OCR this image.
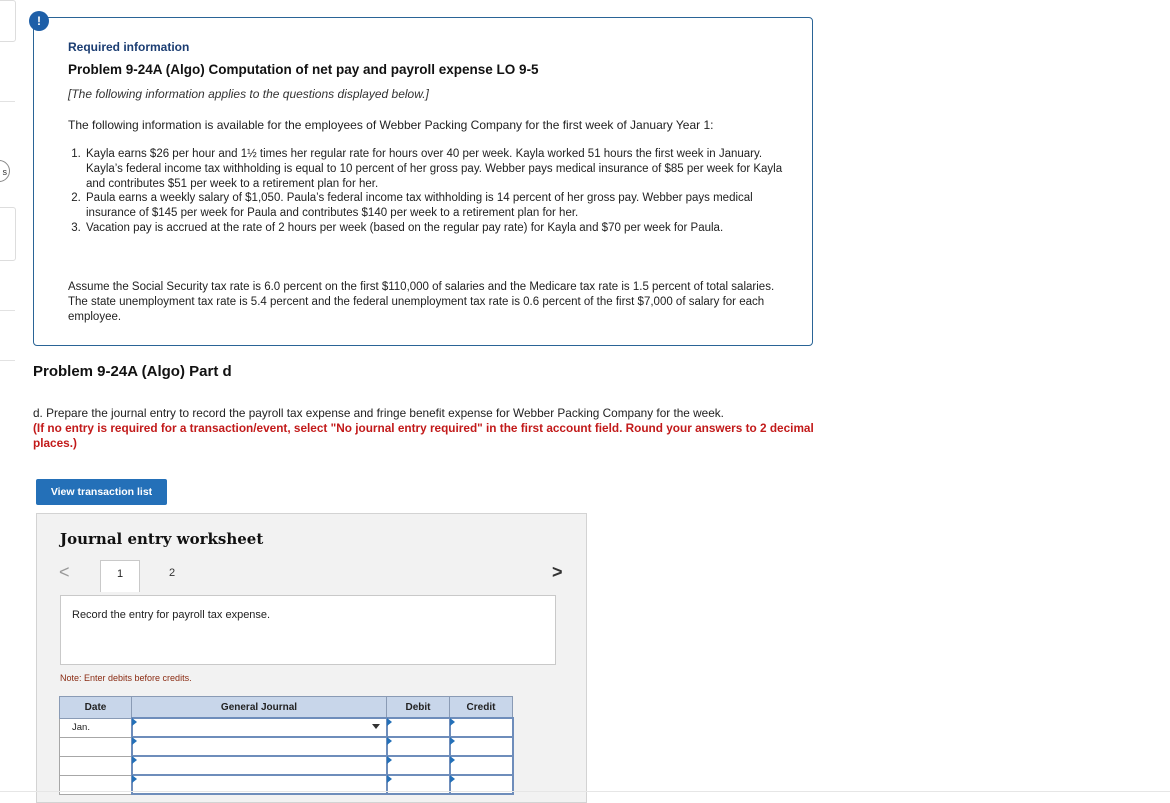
s
!
Required information
Problem 9-24A (Algo) Computation of net pay and payroll expense LO 9-5
[The following information applies to the questions displayed below.]
The following information is available for the employees of Webber Packing Company for the first week of January Year 1:
1. Kayla earns $26 per hour and 1½ times her regular rate for hours over 40 per week. Kayla worked 51 hours the first week in January. Kayla’s federal income tax withholding is equal to 10 percent of her gross pay. Webber pays medical insurance of $85 per week for Kayla and contributes $51 per week to a retirement plan for her.
2. Paula earns a weekly salary of $1,050. Paula’s federal income tax withholding is 14 percent of her gross pay. Webber pays medical insurance of $145 per week for Paula and contributes $140 per week to a retirement plan for her.
3. Vacation pay is accrued at the rate of 2 hours per week (based on the regular pay rate) for Kayla and $70 per week for Paula.
Assume the Social Security tax rate is 6.0 percent on the first $110,000 of salaries and the Medicare tax rate is 1.5 percent of total salaries. The state unemployment tax rate is 5.4 percent and the federal unemployment tax rate is 0.6 percent of the first $7,000 of salary for each employee.
Problem 9-24A (Algo) Part d
d. Prepare the journal entry to record the payroll tax expense and fringe benefit expense for Webber Packing Company for the week.
(If no entry is required for a transaction/event, select "No journal entry required" in the first account field. Round your answers to 2 decimal places.)
View transaction list
Journal entry worksheet
<	1	2	>
Record the entry for payroll tax expense.
Note: Enter debits before credits.
Date	General Journal	Debit	Credit
Jan.	
